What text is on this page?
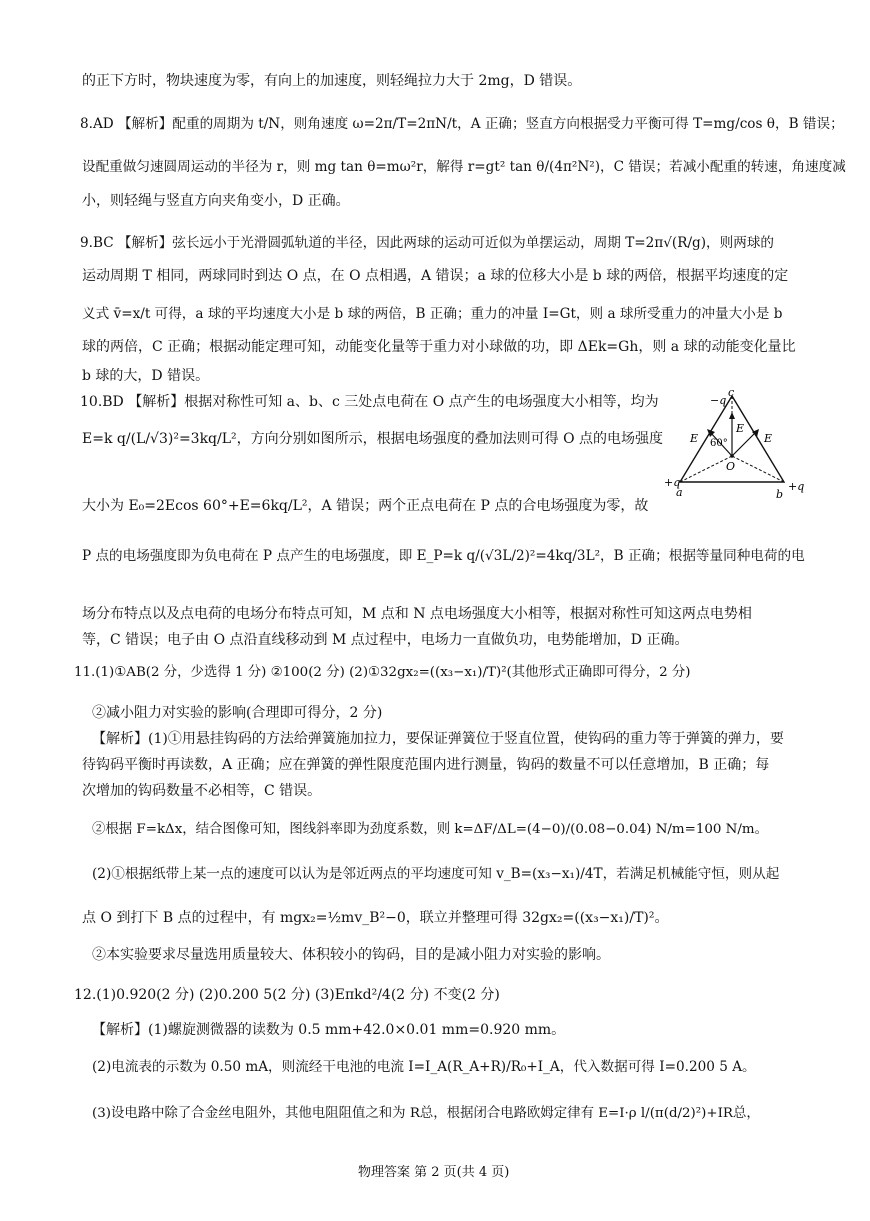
的正下方时，物块速度为零，有向上的加速度，则轻绳拉力大于 2mg，D 错误。
8.AD 【解析】配重的周期为 t/N，则角速度 ω=2π/T=2πN/t，A 正确；竖直方向根据受力平衡可得 T=mg/cos θ，B 错误；
设配重做匀速圆周运动的半径为 r，则 mg tan θ=mω²r，解得 r=gt² tan θ/(4π²N²)，C 错误；若减小配重的转速，角速度减
小，则轻绳与竖直方向夹角变小，D 正确。
9.BC 【解析】弦长远小于光滑圆弧轨道的半径，因此两球的运动可近似为单摆运动，周期 T=2π√(R/g)，则两球的
运动周期 T 相同，两球同时到达 O 点，在 O 点相遇，A 错误；a 球的位移大小是 b 球的两倍，根据平均速度的定
义式 v̄=x/t 可得，a 球的平均速度大小是 b 球的两倍，B 正确；重力的冲量 I=Gt，则 a 球所受重力的冲量大小是 b
球的两倍，C 正确；根据动能定理可知，动能变化量等于重力对小球做的功，即 ΔEk=Gh，则 a 球的动能变化量比
b 球的大，D 错误。
10.BD 【解析】根据对称性可知 a、b、c 三处点电荷在 O 点产生的电场强度大小相等，均为
E=k q/(L/√3)²=3kq/L²，方向分别如图所示，根据电场强度的叠加法则可得 O 点的电场强度
大小为 E₀=2Ecos 60°+E=6kq/L²，A 错误；两个正点电荷在 P 点的合电场强度为零，故
P 点的电场强度即为负电荷在 P 点产生的电场强度，即 E_P=k q/(√3L/2)²=4kq/3L²，B 正确；根据等量同种电荷的电
场分布特点以及点电荷的电场分布特点可知，M 点和 N 点电场强度大小相等，根据对称性可知这两点电势相
等，C 错误；电子由 O 点沿直线移动到 M 点过程中，电场力一直做负功，电势能增加，D 正确。
c
−q
E
E 60°	E
O
+q
a	+q
b
11.(1)①AB(2 分，少选得 1 分) ②100(2 分) (2)①32gx₂=((x₃−x₁)/T)²(其他形式正确即可得分，2 分)
②减小阻力对实验的影响(合理即可得分，2 分)
【解析】(1)①用悬挂钩码的方法给弹簧施加拉力，要保证弹簧位于竖直位置，使钩码的重力等于弹簧的弹力，要
待钩码平衡时再读数，A 正确；应在弹簧的弹性限度范围内进行测量，钩码的数量不可以任意增加，B 正确；每
次增加的钩码数量不必相等，C 错误。
②根据 F=kΔx，结合图像可知，图线斜率即为劲度系数，则 k=ΔF/ΔL=(4−0)/(0.08−0.04) N/m=100 N/m。
(2)①根据纸带上某一点的速度可以认为是邻近两点的平均速度可知 v_B=(x₃−x₁)/4T，若满足机械能守恒，则从起
点 O 到打下 B 点的过程中，有 mgx₂=½mv_B²−0，联立并整理可得 32gx₂=((x₃−x₁)/T)²。
②本实验要求尽量选用质量较大、体积较小的钩码，目的是减小阻力对实验的影响。
12.(1)0.920(2 分) (2)0.200 5(2 分) (3)Eπkd²/4(2 分) 不变(2 分)
【解析】(1)螺旋测微器的读数为 0.5 mm+42.0×0.01 mm=0.920 mm。
(2)电流表的示数为 0.50 mA，则流经干电池的电流 I=I_A(R_A+R)/R₀+I_A，代入数据可得 I=0.200 5 A。
(3)设电路中除了合金丝电阻外，其他电阻阻值之和为 R总，根据闭合电路欧姆定律有 E=I·ρ l/(π(d/2)²)+IR总，
物理答案 第 2 页(共 4 页)
